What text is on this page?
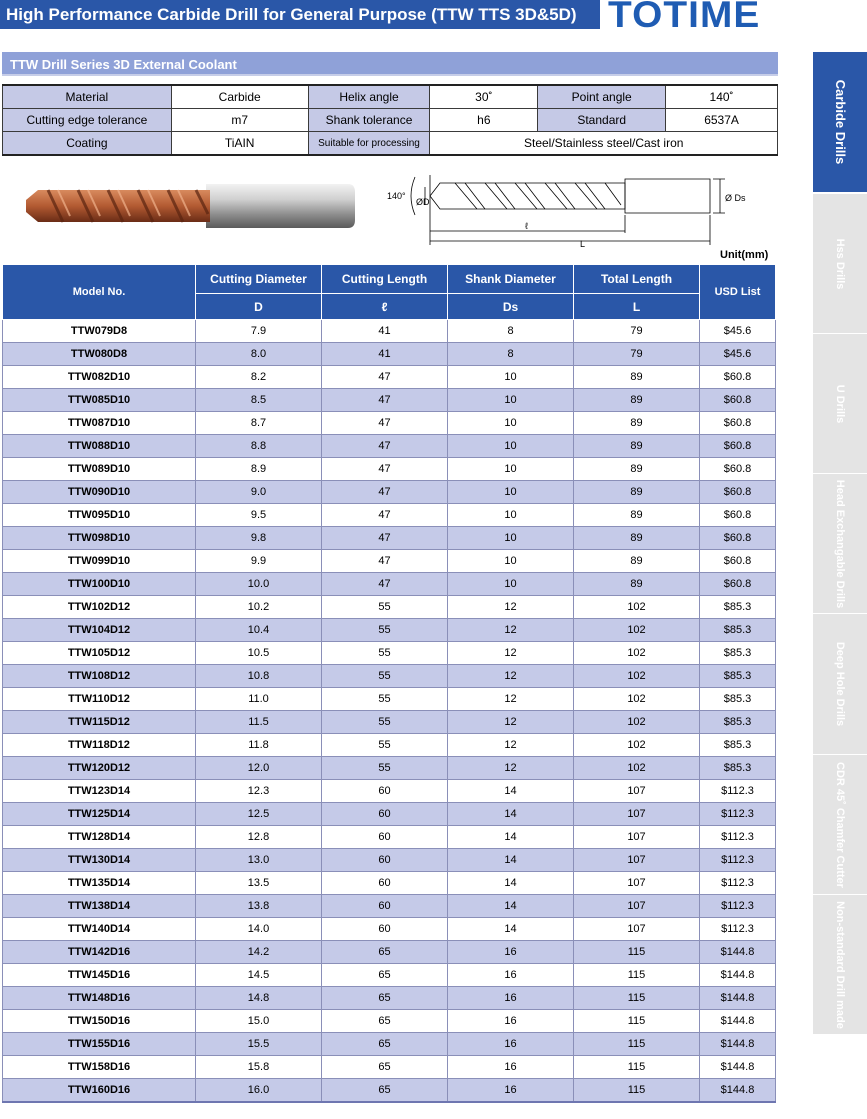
High Performance Carbide Drill for General Purpose (TTW TTS 3D&5D) TOTIME
TTW Drill Series 3D External Coolant
Material	Carbide	Helix angle	30˚	Point angle	140˚
Cutting edge tolerance	m7	Shank tolerance	h6	Standard	6537A
Coating	TiAIN	Suitable for processing	Steel/Stainless steel/Cast iron		
140°
ØD	Ø Ds
ℓ
L
Unit(mm)
Model No.	Cutting Diameter	Cutting Length	Shank Diameter	Total Length	USD List
	D	ℓ	Ds	L	
TTW079D8	7.9	41	8	79	$45.6
TTW080D8	8.0	41	8	79	$45.6
TTW082D10	8.2	47	10	89	$60.8
TTW085D10	8.5	47	10	89	$60.8
TTW087D10	8.7	47	10	89	$60.8
TTW088D10	8.8	47	10	89	$60.8
TTW089D10	8.9	47	10	89	$60.8
TTW090D10	9.0	47	10	89	$60.8
TTW095D10	9.5	47	10	89	$60.8
TTW098D10	9.8	47	10	89	$60.8
TTW099D10	9.9	47	10	89	$60.8
TTW100D10	10.0	47	10	89	$60.8
TTW102D12	10.2	55	12	102	$85.3
TTW104D12	10.4	55	12	102	$85.3
TTW105D12	10.5	55	12	102	$85.3
TTW108D12	10.8	55	12	102	$85.3
TTW110D12	11.0	55	12	102	$85.3
TTW115D12	11.5	55	12	102	$85.3
TTW118D12	11.8	55	12	102	$85.3
TTW120D12	12.0	55	12	102	$85.3
TTW123D14	12.3	60	14	107	$112.3
TTW125D14	12.5	60	14	107	$112.3
TTW128D14	12.8	60	14	107	$112.3
TTW130D14	13.0	60	14	107	$112.3
TTW135D14	13.5	60	14	107	$112.3
TTW138D14	13.8	60	14	107	$112.3
TTW140D14	14.0	60	14	107	$112.3
TTW142D16	14.2	65	16	115	$144.8
TTW145D16	14.5	65	16	115	$144.8
TTW148D16	14.8	65	16	115	$144.8
TTW150D16	15.0	65	16	115	$144.8
TTW155D16	15.5	65	16	115	$144.8
TTW158D16	15.8	65	16	115	$144.8
TTW160D16	16.0	65	16	115	$144.8
Carbide Drills
Hss Drills
U Drills
Head Exchangable Drills
Deep Hole Drills
CDR 45˚ Chamfer Cutter
Non-standard Drill made
